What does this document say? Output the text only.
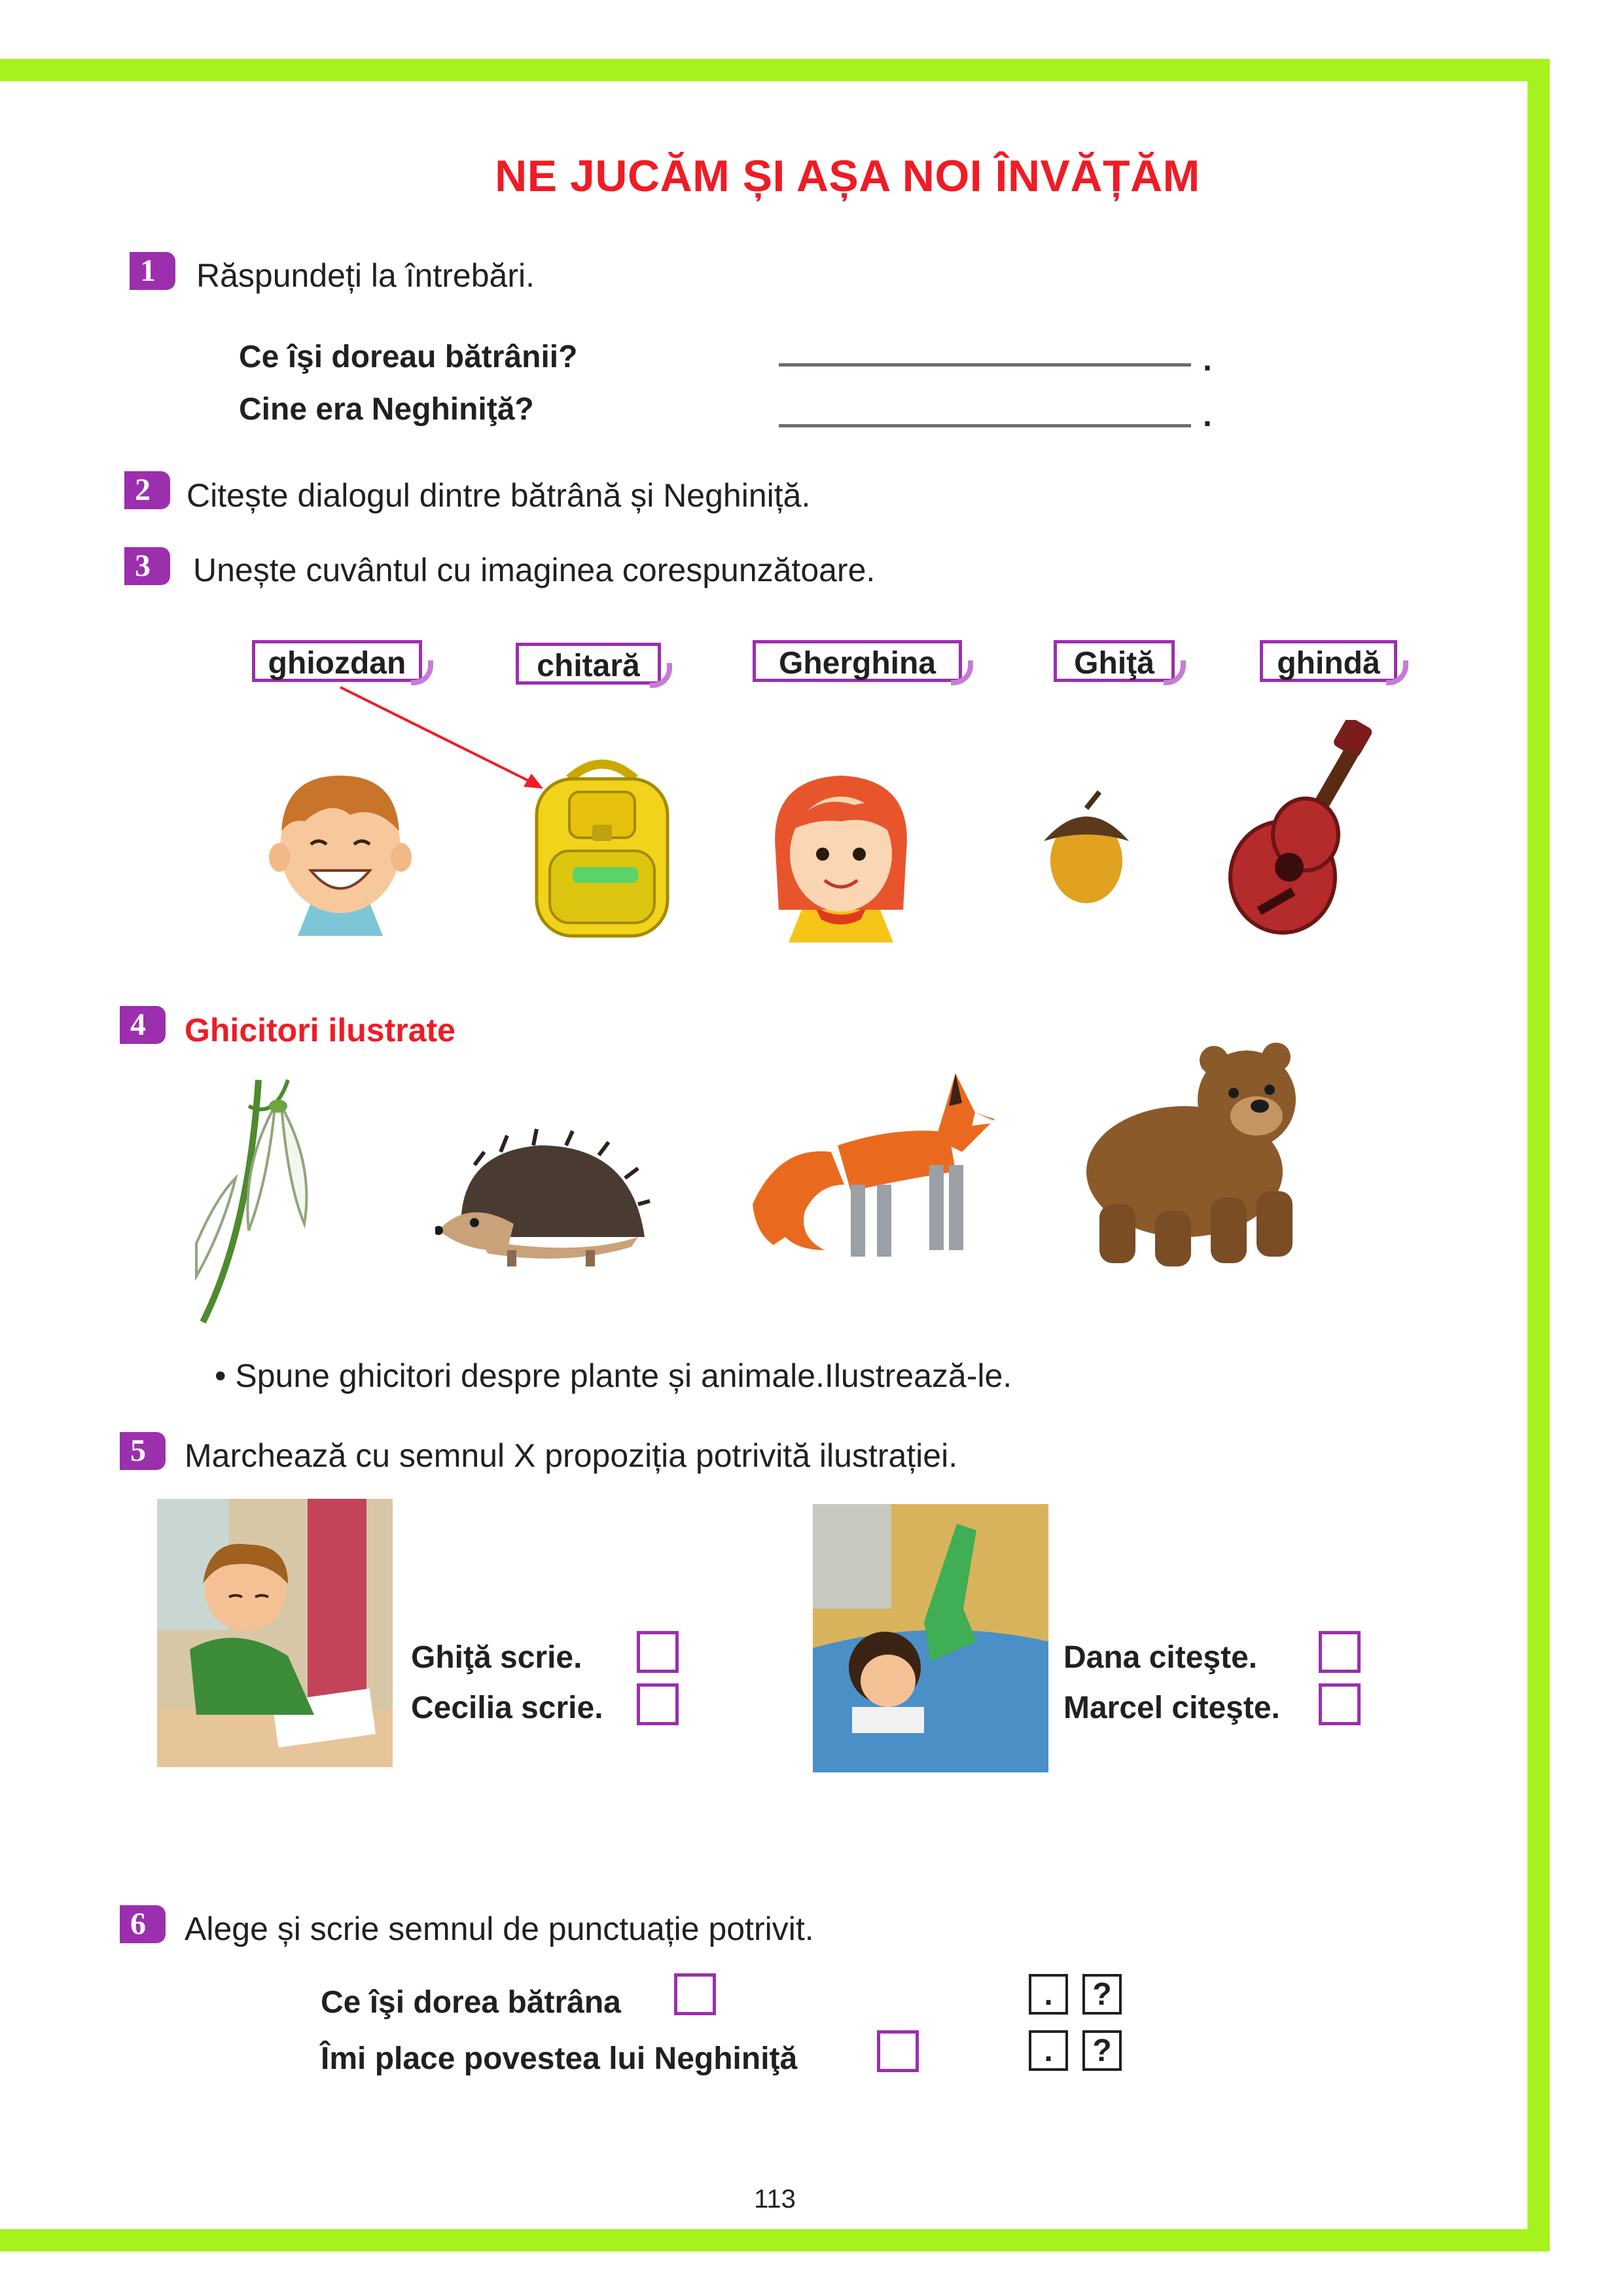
NE JUCĂM ȘI AȘA NOI ÎNVĂȚĂM
1	Răspundeți la întrebări.
Ce îşi doreau bătrânii?	.
Cine era Neghiniţă?	.
2	Citește dialogul dintre bătrână și Neghiniță.
3	Unește cuvântul cu imaginea corespunzătoare.
ghiozdan	chitară	Gherghina	Ghiţă	ghindă
4	Ghicitori ilustrate
• Spune ghicitori despre plante și animale.Ilustrează-le.
5	Marchează cu semnul X propoziția potrivită ilustrației.
Ghiţă scrie.
Cecilia scrie.
Dana citeşte.
Marcel citeşte.
6	Alege și scrie semnul de punctuație potrivit.
Ce îşi dorea bătrâna	.	?
Îmi place povestea lui Neghiniţă	.	?
113
